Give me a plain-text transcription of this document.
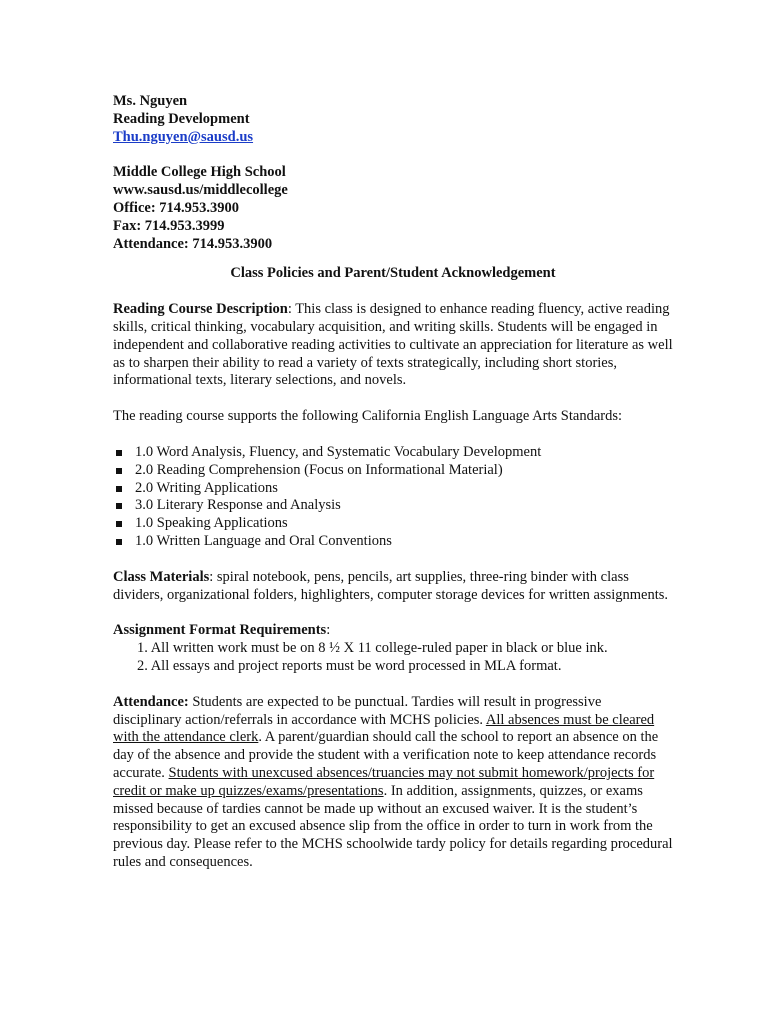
Ms. Nguyen
Reading Development
Thu.nguyen@sausd.us
Middle College High School
www.sausd.us/middlecollege
Office: 714.953.3900
Fax: 714.953.3999
Attendance: 714.953.3900
Class Policies and Parent/Student Acknowledgement

Reading Course Description: This class is designed to enhance reading fluency, active reading skills, critical thinking, vocabulary acquisition, and writing skills. Students will be engaged in independent and collaborative reading activities to cultivate an appreciation for literature as well as to sharpen their ability to read a variety of texts strategically, including short stories, informational texts, literary selections, and novels.

The reading course supports the following California English Language Arts Standards:

1.0 Word Analysis, Fluency, and Systematic Vocabulary Development
2.0 Reading Comprehension (Focus on Informational Material)
2.0 Writing Applications
3.0 Literary Response and Analysis
1.0 Speaking Applications
1.0 Written Language and Oral Conventions

Class Materials: spiral notebook, pens, pencils, art supplies, three-ring binder with class dividers, organizational folders, highlighters, computer storage devices for written assignments.

Assignment Format Requirements:

1. All written work must be on 8 ½ X 11 college-ruled paper in black or blue ink.
2. All essays and project reports must be word processed in MLA format.

Attendance: Students are expected to be punctual. Tardies will result in progressive disciplinary action/referrals in accordance with MCHS policies. All absences must be cleared with the attendance clerk. A parent/guardian should call the school to report an absence on the day of the absence and provide the student with a verification note to keep attendance records accurate. Students with unexcused absences/truancies may not submit homework/projects for credit or make up quizzes/exams/presentations. In addition, assignments, quizzes, or exams missed because of tardies cannot be made up without an excused waiver. It is the student’s responsibility to get an excused absence slip from the office in order to turn in work from the previous day. Please refer to the MCHS schoolwide tardy policy for details regarding procedural rules and consequences.
